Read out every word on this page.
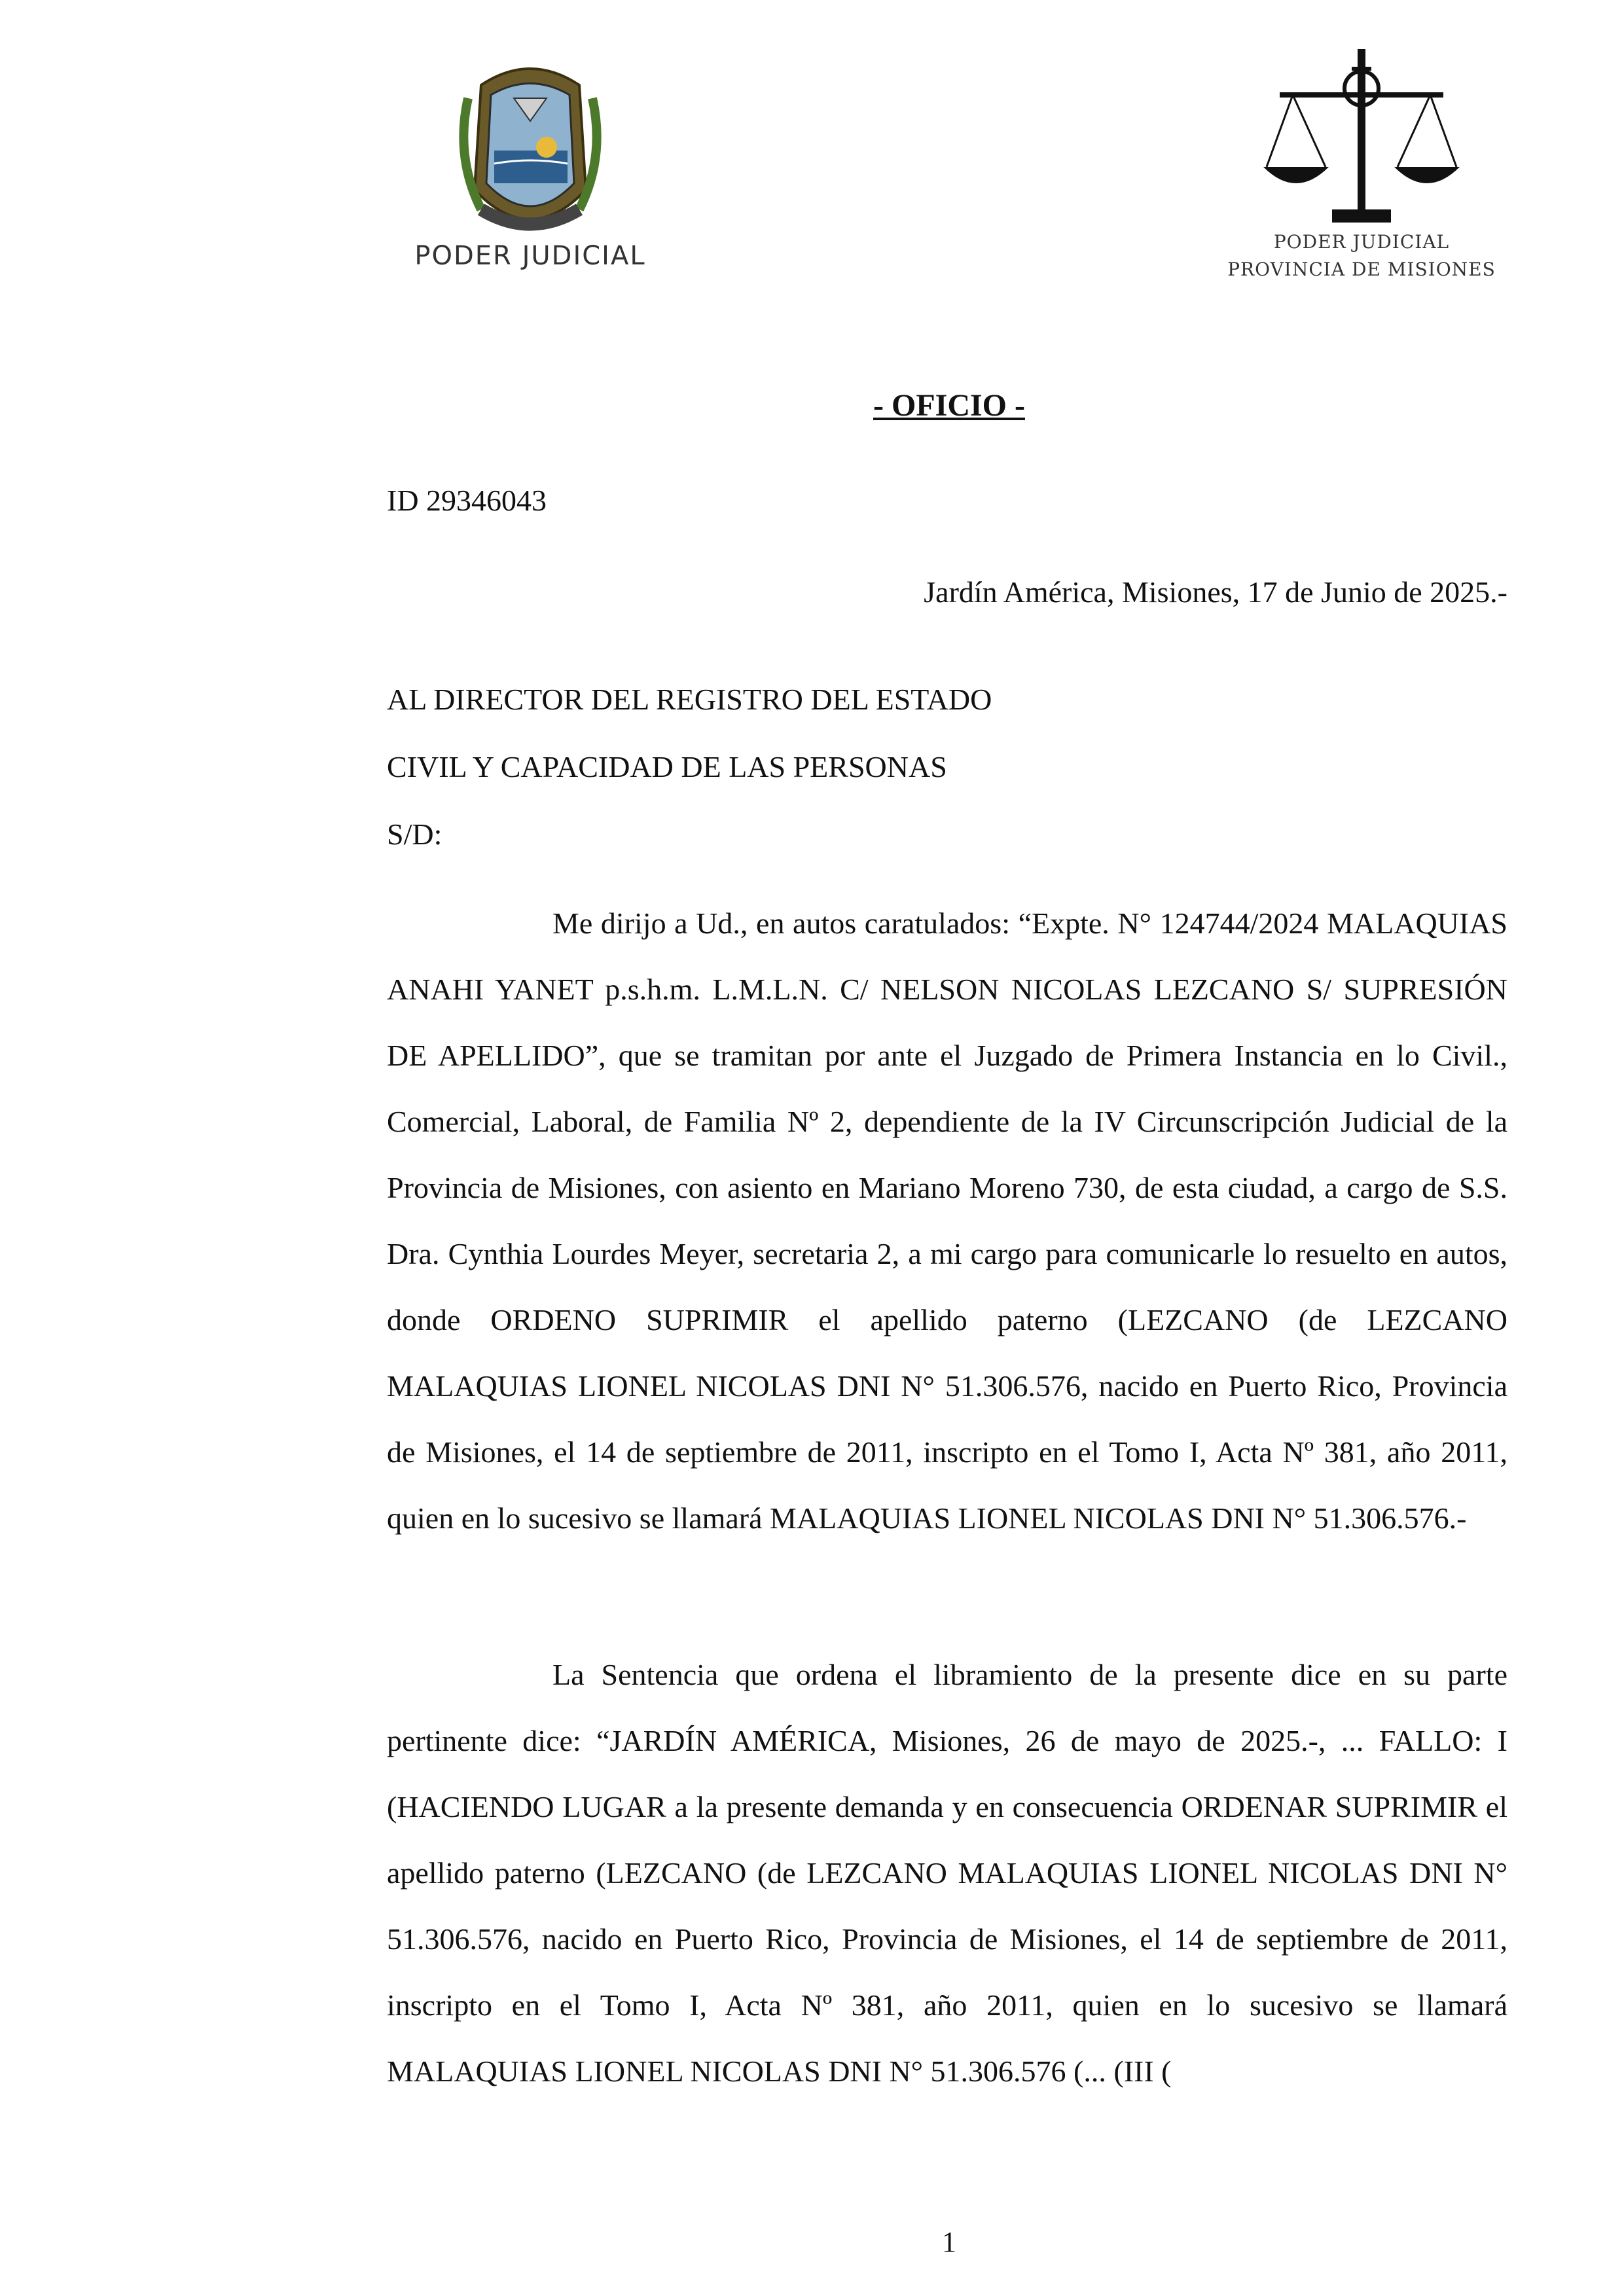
PODER JUDICIAL	PODER JUDICIAL
PROVINCIA DE MISIONES
- OFICIO -
ID 29346043
Jardín América, Misiones, 17 de Junio de 2025.-
AL DIRECTOR DEL REGISTRO DEL ESTADO
CIVIL Y CAPACIDAD DE LAS PERSONAS
S/D:

Me dirijo a Ud., en autos caratulados: “Expte. N° 124744/2024 MALAQUIAS ANAHI YANET p.s.h.m. L.M.L.N. C/ NELSON NICOLAS LEZCANO S/ SUPRESIÓN DE APELLIDO”, que se tramitan por ante el Juzgado de Primera Instancia en lo Civil., Comercial, Laboral, de Familia Nº 2, dependiente de la IV Circunscripción Judicial de la Provincia de Misiones, con asiento en Mariano Moreno 730, de esta ciudad, a cargo de S.S. Dra. Cynthia Lourdes Meyer, secretaria 2, a mi cargo para comunicarle lo resuelto en autos, donde ORDENO SUPRIMIR el apellido paterno (LEZCANO (de LEZCANO MALAQUIAS LIONEL NICOLAS DNI N° 51.306.576, nacido en Puerto Rico, Provincia de Misiones, el 14 de septiembre de 2011, inscripto en el Tomo I, Acta Nº 381, año 2011, quien en lo sucesivo se llamará MALAQUIAS LIONEL NICOLAS DNI N° 51.306.576.-

La Sentencia que ordena el libramiento de la presente dice en su parte pertinente dice: “JARDÍN AMÉRICA, Misiones, 26 de mayo de 2025.-, ... FALLO: I (HACIENDO LUGAR a la presente demanda y en consecuencia ORDENAR SUPRIMIR el apellido paterno (LEZCANO (de LEZCANO MALAQUIAS LIONEL NICOLAS DNI N° 51.306.576, nacido en Puerto Rico, Provincia de Misiones, el 14 de septiembre de 2011, inscripto en el Tomo I, Acta Nº 381, año 2011, quien en lo sucesivo se llamará MALAQUIAS LIONEL NICOLAS DNI N° 51.306.576 (... (III (

1
